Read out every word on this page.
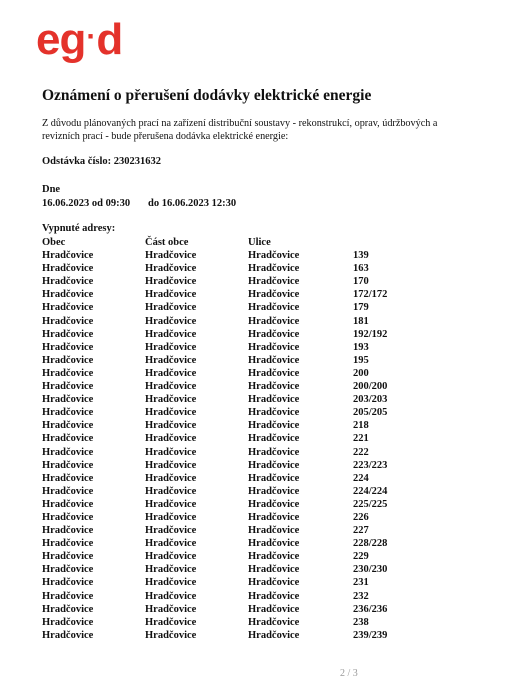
eg·d
Oznámení o přerušení dodávky elektrické energie
Z důvodu plánovaných prací na zařízení distribuční soustavy - rekonstrukcí, oprav, údržbových a revizních prací - bude přerušena dodávka elektrické energie:
Odstávka číslo: 230231632
Dne
16.06.2023 od 09:30 do 16.06.2023 12:30
Vypnuté adresy:
Obec	Část obce	Ulice
Hradčovice	Hradčovice	Hradčovice	139
Hradčovice	Hradčovice	Hradčovice	163
Hradčovice	Hradčovice	Hradčovice	170
Hradčovice	Hradčovice	Hradčovice	172/172
Hradčovice	Hradčovice	Hradčovice	179
Hradčovice	Hradčovice	Hradčovice	181
Hradčovice	Hradčovice	Hradčovice	192/192
Hradčovice	Hradčovice	Hradčovice	193
Hradčovice	Hradčovice	Hradčovice	195
Hradčovice	Hradčovice	Hradčovice	200
Hradčovice	Hradčovice	Hradčovice	200/200
Hradčovice	Hradčovice	Hradčovice	203/203
Hradčovice	Hradčovice	Hradčovice	205/205
Hradčovice	Hradčovice	Hradčovice	218
Hradčovice	Hradčovice	Hradčovice	221
Hradčovice	Hradčovice	Hradčovice	222
Hradčovice	Hradčovice	Hradčovice	223/223
Hradčovice	Hradčovice	Hradčovice	224
Hradčovice	Hradčovice	Hradčovice	224/224
Hradčovice	Hradčovice	Hradčovice	225/225
Hradčovice	Hradčovice	Hradčovice	226
Hradčovice	Hradčovice	Hradčovice	227
Hradčovice	Hradčovice	Hradčovice	228/228
Hradčovice	Hradčovice	Hradčovice	229
Hradčovice	Hradčovice	Hradčovice	230/230
Hradčovice	Hradčovice	Hradčovice	231
Hradčovice	Hradčovice	Hradčovice	232
Hradčovice	Hradčovice	Hradčovice	236/236
Hradčovice	Hradčovice	Hradčovice	238
Hradčovice	Hradčovice	Hradčovice	239/239
2 / 3
